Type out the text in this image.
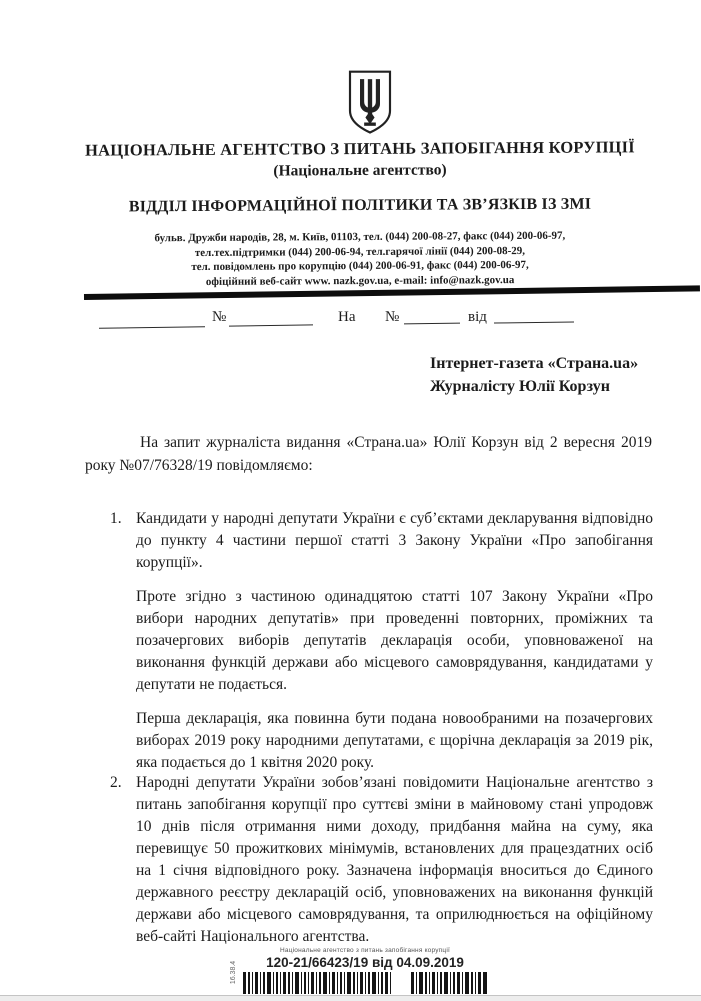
НАЦІОНАЛЬНЕ АГЕНТСТВО З ПИТАНЬ ЗАПОБІГАННЯ КОРУПЦІЇ
(Національне агентство)
ВІДДІЛ ІНФОРМАЦІЙНОЇ ПОЛІТИКИ ТА ЗВ’ЯЗКІВ ІЗ ЗМІ
бульв. Дружби народів, 28, м. Київ, 01103, тел. (044) 200-08-27, факс (044) 200-06-97,
тел.тех.підтримки (044) 200-06-94, тел.гарячої лінії (044) 200-08-29,
тел. повідомлень про корупцію (044) 200-06-91, факс (044) 200-06-97,
офіційний веб-сайт www. nazk.gov.ua, e-mail: info@nazk.gov.ua
№	На №	від
Інтернет-газета «Страна.ua»
Журналісту Юлії Корзун
На запит журналіста видання «Страна.ua» Юлії Корзун від 2 вересня 2019 року №07/76328/19 повідомляємо:
1. Кандидати у народні депутати України є суб’єктами декларування відповідно до пункту 4 частини першої статті 3 Закону України «Про запобігання корупції».

Проте згідно з частиною одинадцятою статті 107 Закону України «Про вибори народних депутатів» при проведенні повторних, проміжних та позачергових виборів депутатів декларація особи, уповноваженої на виконання функцій держави або місцевого самоврядування, кандидатами у депутати не подається.

Перша декларація, яка повинна бути подана новообраними на позачергових виборах 2019 року народними депутатами, є щорічна декларація за 2019 рік, яка подається до 1 квітня 2020 року.

2. Народні депутати України зобов’язані повідомити Національне агентство з питань запобігання корупції про суттєві зміни в майновому стані упродовж 10 днів після отримання ними доходу, придбання майна на суму, яка перевищує 50 прожиткових мінімумів, встановлених для працездатних осіб на 1 січня відповідного року. Зазначена інформація вноситься до Єдиного державного реєстру декларацій осіб, уповноважених на виконання функцій держави або місцевого самоврядування, та оприлюднюється на офіційному веб-сайті Національного агентства.

Національне агентство з питань запобігання корупції
120-21/66423/19 від 04.09.2019
16.38.4
